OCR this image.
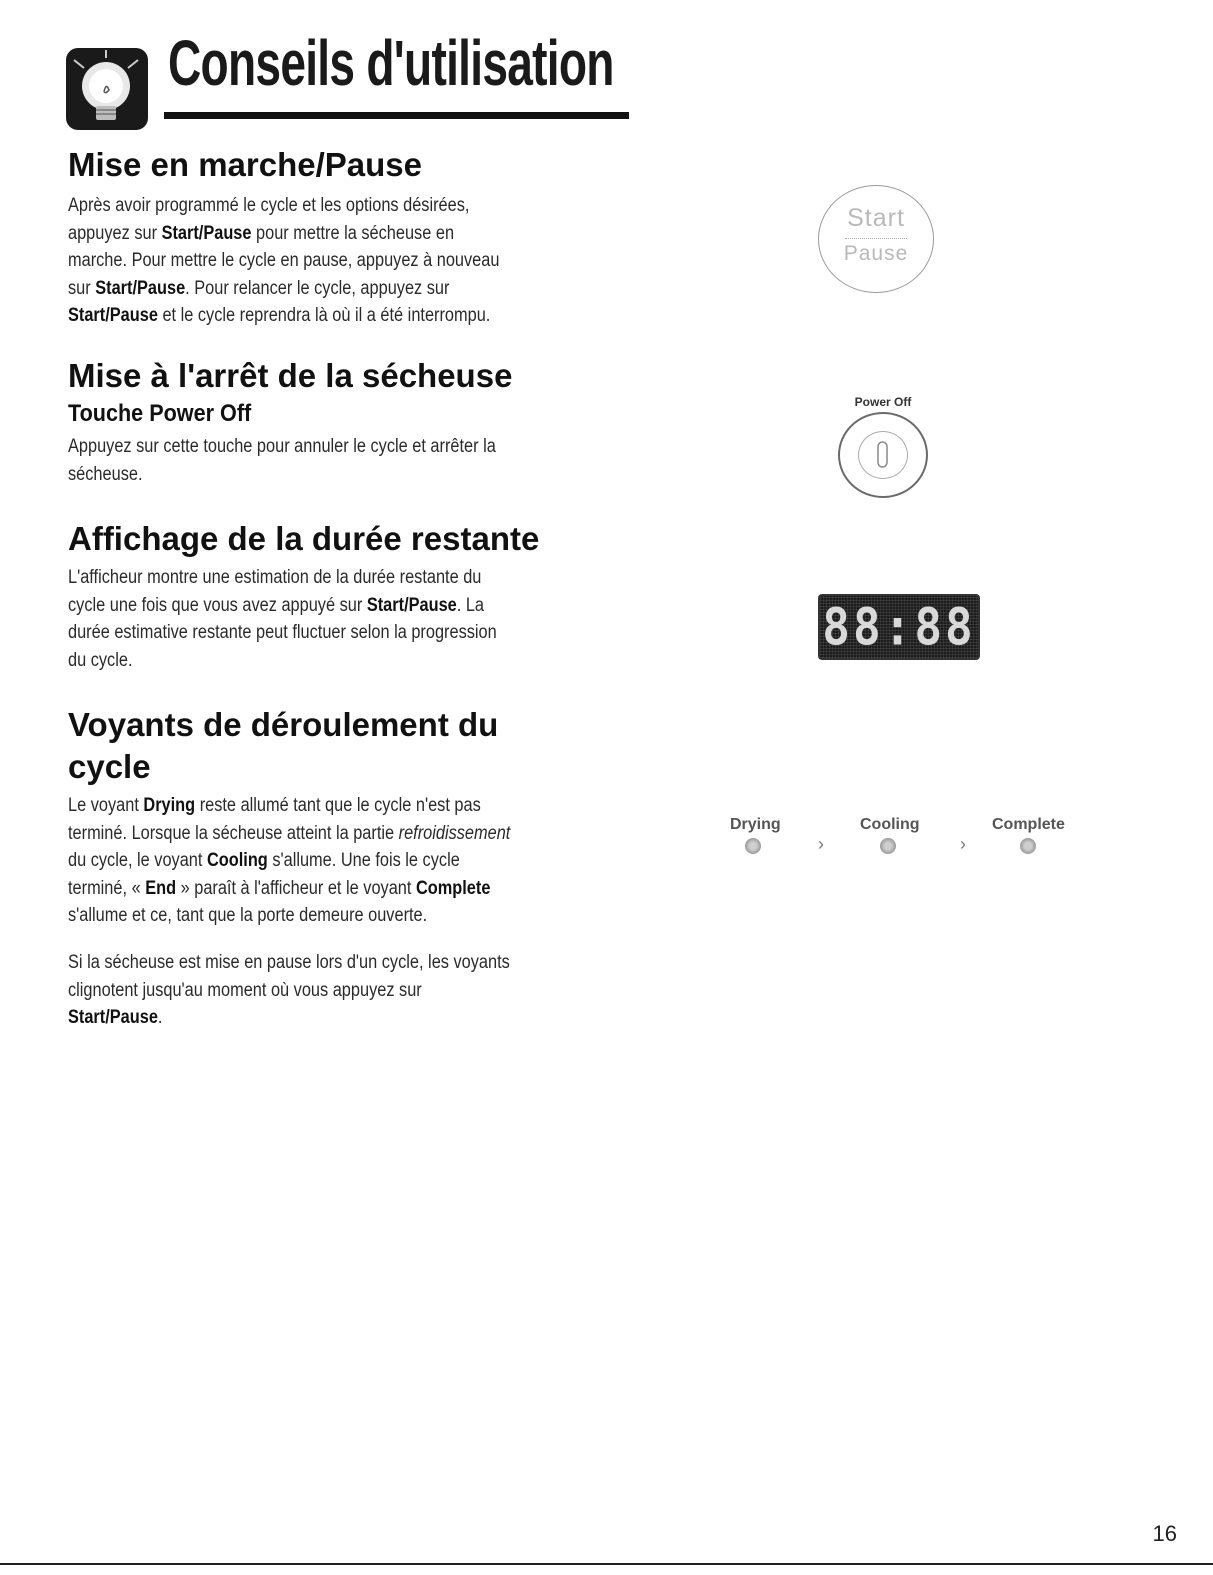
Conseils d'utilisation
Mise en marche/Pause
Après avoir programmé le cycle et les options désirées,
appuyez sur Start/Pause pour mettre la sécheuse en
marche. Pour mettre le cycle en pause, appuyez à nouveau
sur Start/Pause. Pour relancer le cycle, appuyez sur
Start/Pause et le cycle reprendra là où il a été interrompu.
Start
Pause
Mise à l'arrêt de la sécheuse
Touche Power Off
Appuyez sur cette touche pour annuler le cycle et arrêter la
sécheuse.
Power Off
Affichage de la durée restante
L'afficheur montre une estimation de la durée restante du
cycle une fois que vous avez appuyé sur Start/Pause. La
durée estimative restante peut fluctuer selon la progression
du cycle.
88:88
Voyants de déroulement du
cycle
Le voyant Drying reste allumé tant que le cycle n'est pas
terminé. Lorsque la sécheuse atteint la partie refroidissement
du cycle, le voyant Cooling s'allume. Une fois le cycle
terminé, « End » paraît à l'afficheur et le voyant Complete
s'allume et ce, tant que la porte demeure ouverte.
Si la sécheuse est mise en pause lors d'un cycle, les voyants
clignotent jusqu'au moment où vous appuyez sur
Start/Pause.
Drying	Cooling	Complete
›	›
16
